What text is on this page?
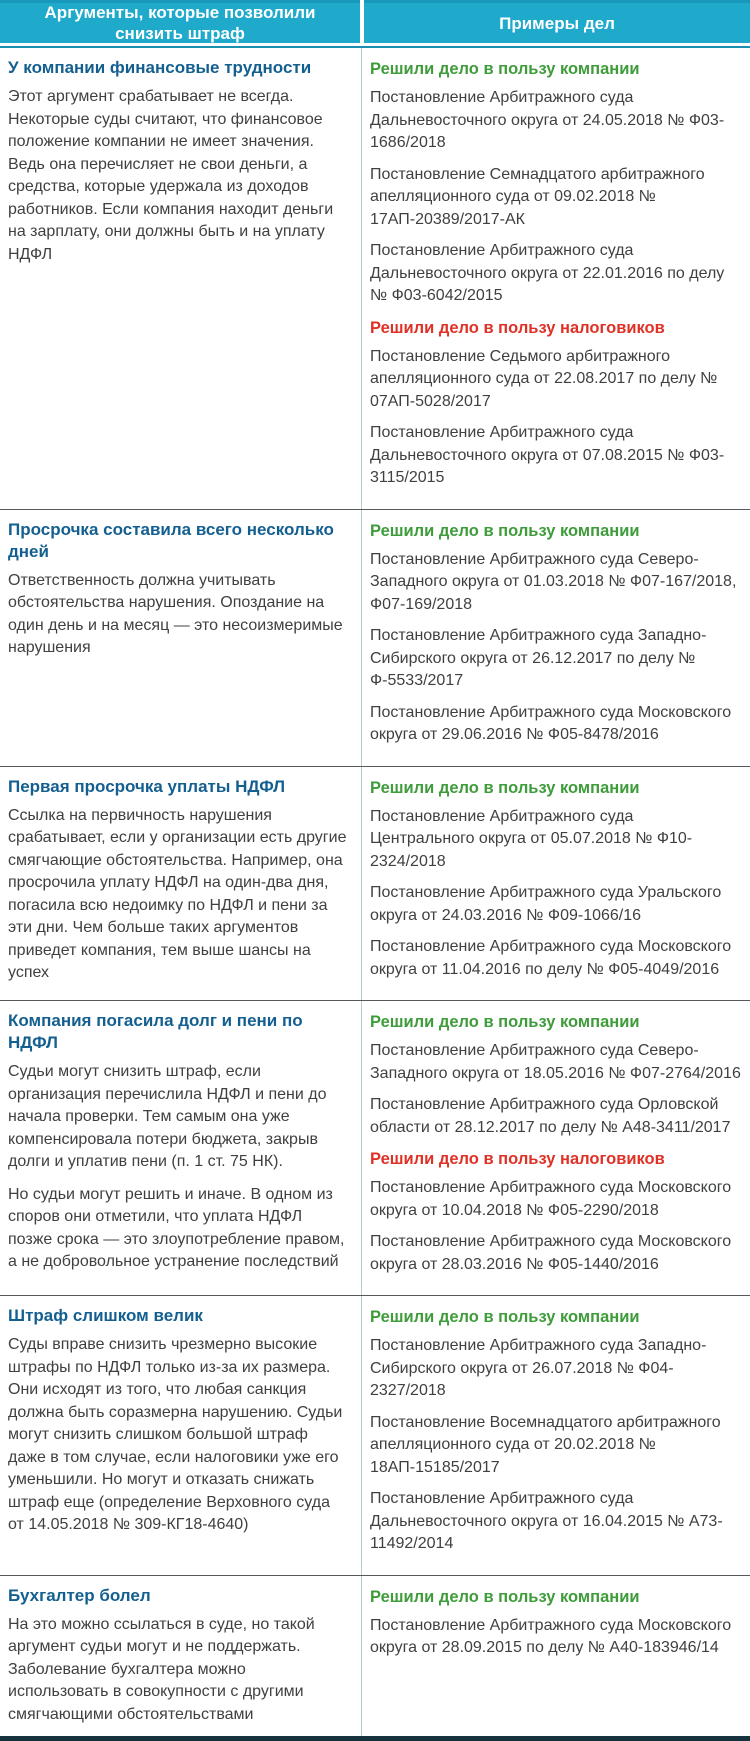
Аргументы, которые позволили снизить штраф
Примеры дел
У компании финансовые трудности
Этот аргумент срабатывает не всегда. Некоторые суды считают, что финансовое положение компании не имеет значения. Ведь она перечисляет не свои деньги, а средства, которые удержала из доходов работников. Если компания находит деньги на зарплату, они должны быть и на уплату НДФЛ
Решили дело в пользу компании
Постановление Арбитражного суда Дальневосточного округа от 24.05.2018 № Ф03-1686/2018
Постановление Семнадцатого арбитражного апелляционного суда от 09.02.2018 № 17АП-20389/2017-АК
Постановление Арбитражного суда Дальневосточного округа от 22.01.2016 по делу № Ф03-6042/2015
Решили дело в пользу налоговиков
Постановление Седьмого арбитражного апелляционного суда от 22.08.2017 по делу № 07АП-5028/2017
Постановление Арбитражного суда Дальневосточного округа от 07.08.2015 № Ф03-3115/2015
Просрочка составила всего несколько дней
Ответственность должна учитывать обстоятельства нарушения. Опоздание на один день и на месяц — это несоизмеримые нарушения
Решили дело в пользу компании
Постановление Арбитражного суда Северо-Западного округа от 01.03.2018 № Ф07-167/2018, Ф07-169/2018
Постановление Арбитражного суда Западно-Сибирского округа от 26.12.2017 по делу № Ф-5533/2017
Постановление Арбитражного суда Московского округа от 29.06.2016 № Ф05-8478/2016
Первая просрочка уплаты НДФЛ
Ссылка на первичность нарушения срабатывает, если у организации есть другие смягчающие обстоятельства. Например, она просрочила уплату НДФЛ на один-два дня, погасила всю недоимку по НДФЛ и пени за эти дни. Чем больше таких аргументов приведет компания, тем выше шансы на успех
Решили дело в пользу компании
Постановление Арбитражного суда Центрального округа от 05.07.2018 № Ф10-2324/2018
Постановление Арбитражного суда Уральского округа от 24.03.2016 № Ф09-1066/16
Постановление Арбитражного суда Московского округа от 11.04.2016 по делу № Ф05-4049/2016
Компания погасила долг и пени по НДФЛ
Судьи могут снизить штраф, если организация перечислила НДФЛ и пени до начала проверки. Тем самым она уже компенсировала потери бюджета, закрыв долги и уплатив пени (п. 1 ст. 75 НК).
Но судьи могут решить и иначе. В одном из споров они отметили, что уплата НДФЛ позже срока — это злоупотребление правом, а не добровольное устранение последствий
Решили дело в пользу компании
Постановление Арбитражного суда Северо-Западного округа от 18.05.2016 № Ф07-2764/2016
Постановление Арбитражного суда Орловской области от 28.12.2017 по делу № А48-3411/2017
Решили дело в пользу налоговиков
Постановление Арбитражного суда Московского округа от 10.04.2018 № Ф05-2290/2018
Постановление Арбитражного суда Московского округа от 28.03.2016 № Ф05-1440/2016
Штраф слишком велик
Суды вправе снизить чрезмерно высокие штрафы по НДФЛ только из-за их размера. Они исходят из того, что любая санкция должна быть соразмерна нарушению. Судьи могут снизить слишком большой штраф даже в том случае, если налоговики уже его уменьшили. Но могут и отказать снижать штраф еще (определение Верховного суда от 14.05.2018 № 309-КГ18-4640)
Решили дело в пользу компании
Постановление Арбитражного суда Западно-Сибирского округа от 26.07.2018 № Ф04-2327/2018
Постановление Восемнадцатого арбитражного апелляционного суда от 20.02.2018 № 18АП-15185/2017
Постановление Арбитражного суда Дальневосточного округа от 16.04.2015 № А73-11492/2014
Бухгалтер болел
На это можно ссылаться в суде, но такой аргумент судьи могут и не поддержать. Заболевание бухгалтера можно использовать в совокупности с другими смягчающими обстоятельствами
Решили дело в пользу компании
Постановление Арбитражного суда Московского округа от 28.09.2015 по делу № А40-183946/14
